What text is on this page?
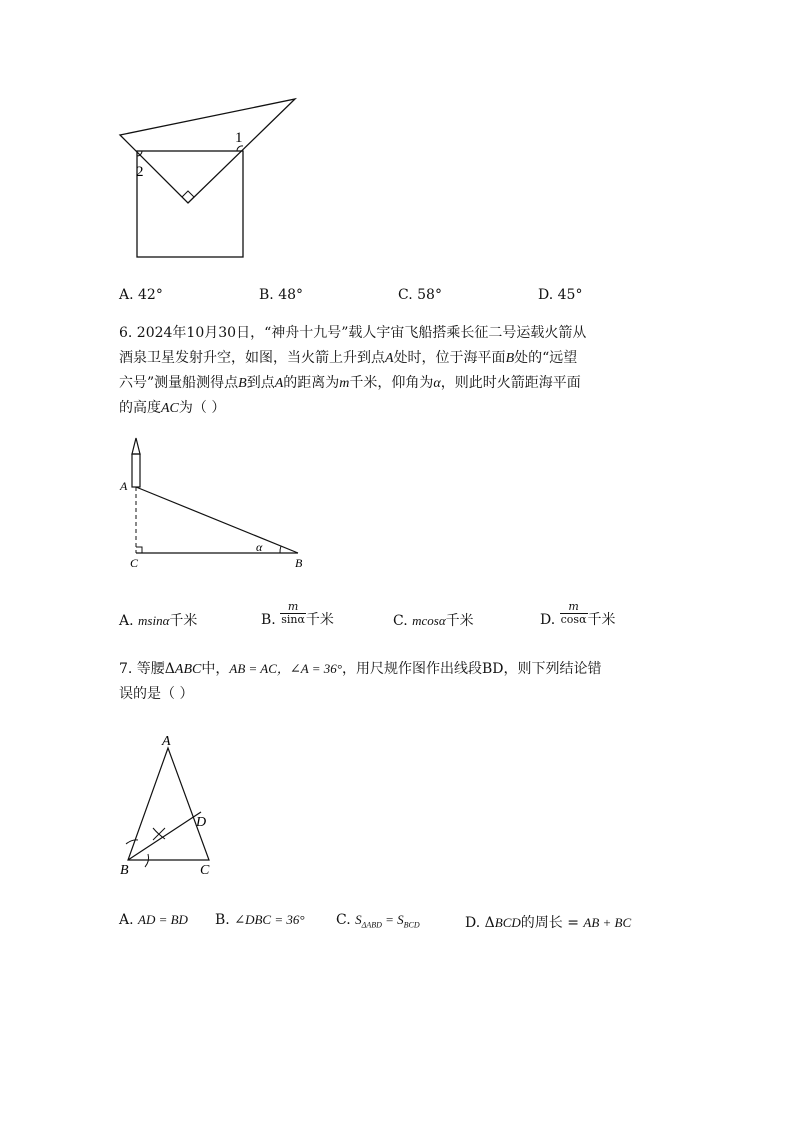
1
2
A. 42°	B. 48°	C. 58°	D. 45°
6. 2024年10月30日，“神舟十九号”载人宇宙飞船搭乘长征二号运载火箭从
酒泉卫星发射升空，如图，当火箭上升到点A处时，位于海平面B处的“远望
六号”测量船测得点B到点A的距离为m千米，仰角为α，则此时火箭距海平面
的高度AC为（ ）
A
C	B
α
A. msinα千米	B. $\frac{m}{\sin\alpha}$ 千米	C. mcosα千米	D. $\frac{m}{\cos\alpha}$ 千米
7. 等腰ΔABC中，AB = AC，∠A = 36°，用尺规作图作出线段BD，则下列结论错
误的是（ ）
A
B	C
D
A. AD = BD B. ∠DBC = 36° C. $S_{\Delta ABD} = S_{BCD}$	D. ΔBCD的周长 = AB + BC
